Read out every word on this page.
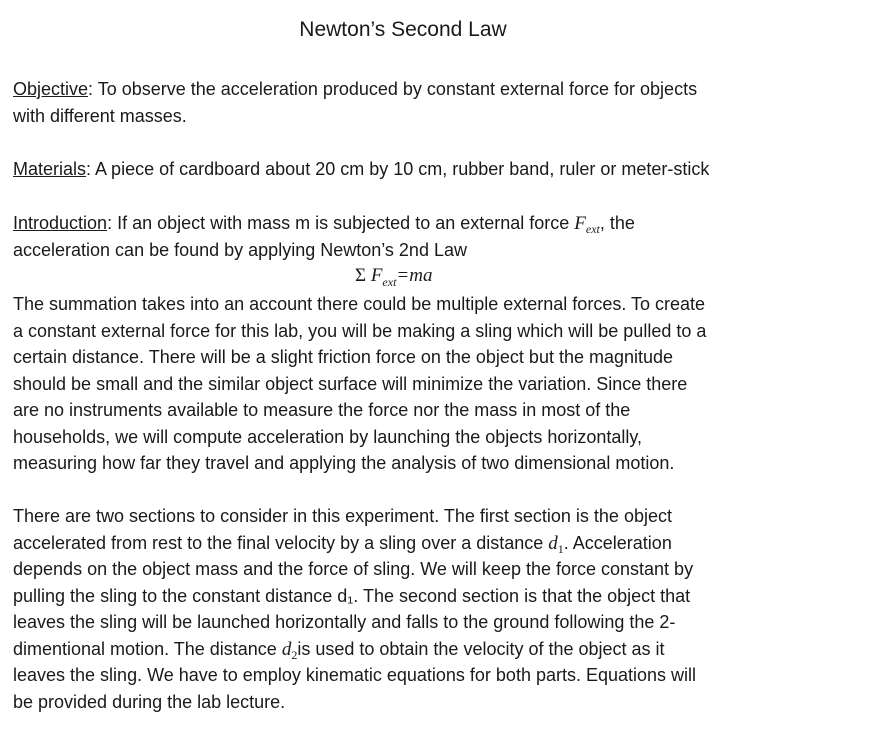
Newton’s Second Law
Objective: To observe the acceleration produced by constant external force for objects
with different masses.
Materials: A piece of cardboard about 20 cm by 10 cm, rubber band, ruler or meter-stick
Introduction: If an object with mass m is subjected to an external force $F_{ext}$, the
acceleration can be found by applying Newton’s 2nd Law
Σ $F_{ext}=ma$
The summation takes into an account there could be multiple external forces. To create
a constant external force for this lab, you will be making a sling which will be pulled to a
certain distance. There will be a slight friction force on the object but the magnitude
should be small and the similar object surface will minimize the variation. Since there
are no instruments available to measure the force nor the mass in most of the
households, we will compute acceleration by launching the objects horizontally,
measuring how far they travel and applying the analysis of two dimensional motion.
There are two sections to consider in this experiment. The first section is the object
accelerated from rest to the final velocity by a sling over a distance $d_1$. Acceleration
depends on the object mass and the force of sling. We will keep the force constant by
pulling the sling to the constant distance d₁. The second section is that the object that
leaves the sling will be launched horizontally and falls to the ground following the 2-
dimentional motion. The distance $d_2is$ used to obtain the velocity of the object as it
leaves the sling. We have to employ kinematic equations for both parts. Equations will
be provided during the lab lecture.
